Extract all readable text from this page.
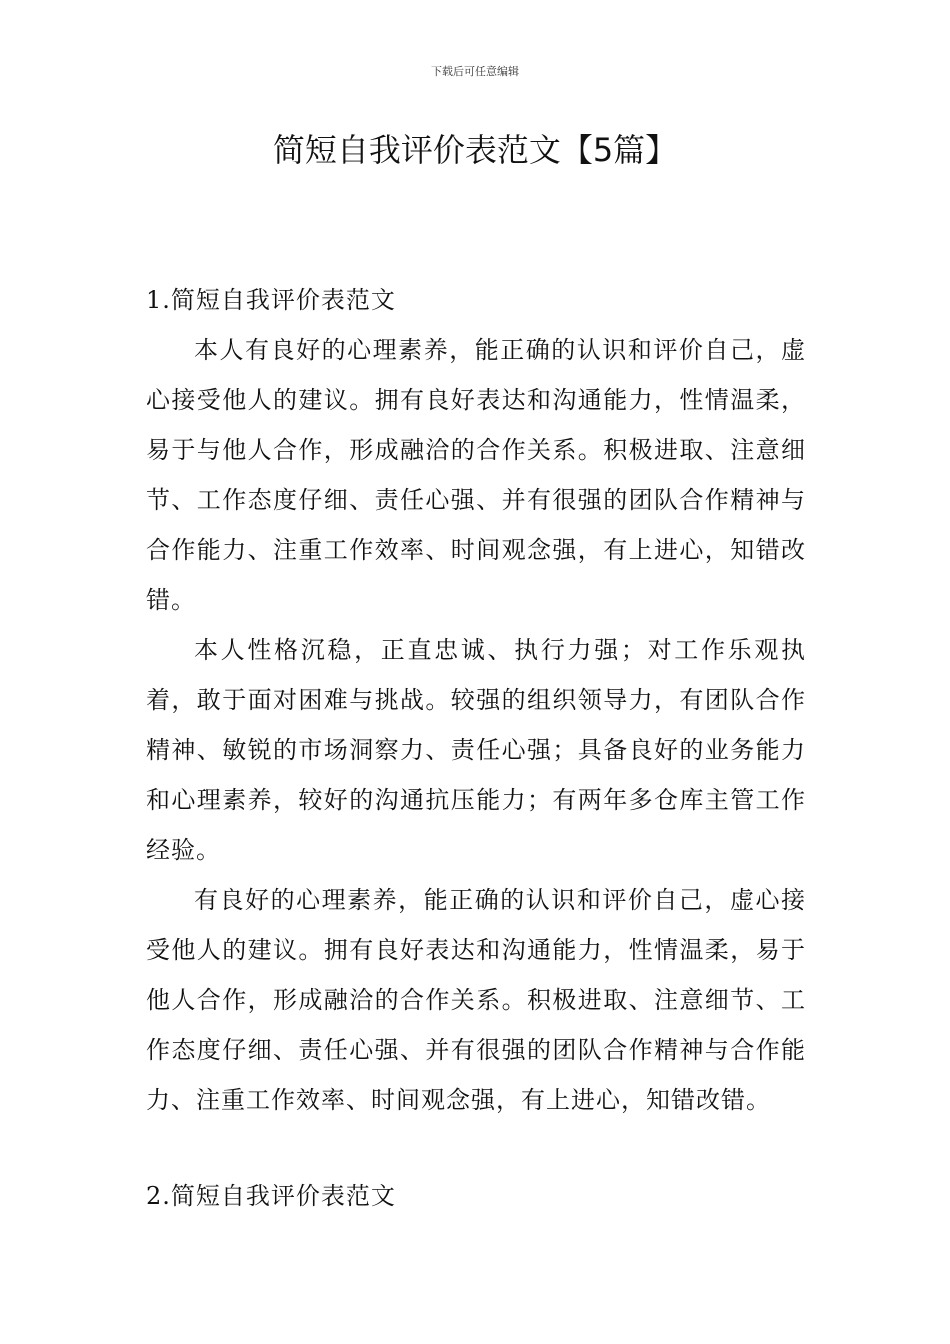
下载后可任意编辑
简短自我评价表范文【5篇】
1.简短自我评价表范文

本人有良好的心理素养，能正确的认识和评价自己，虚心接受他人的建议。拥有良好表达和沟通能力，性情温柔，易于与他人合作，形成融洽的合作关系。积极进取、注意细节、工作态度仔细、责任心强、并有很强的团队合作精神与合作能力、注重工作效率、时间观念强，有上进心，知错改错。

本人性格沉稳，正直忠诚、执行力强；对工作乐观执着，敢于面对困难与挑战。较强的组织领导力，有团队合作精神、敏锐的市场洞察力、责任心强；具备良好的业务能力和心理素养，较好的沟通抗压能力；有两年多仓库主管工作经验。

有良好的心理素养，能正确的认识和评价自己，虚心接受他人的建议。拥有良好表达和沟通能力，性情温柔，易于他人合作，形成融洽的合作关系。积极进取、注意细节、工作态度仔细、责任心强、并有很强的团队合作精神与合作能力、注重工作效率、时间观念强，有上进心，知错改错。

2.简短自我评价表范文
